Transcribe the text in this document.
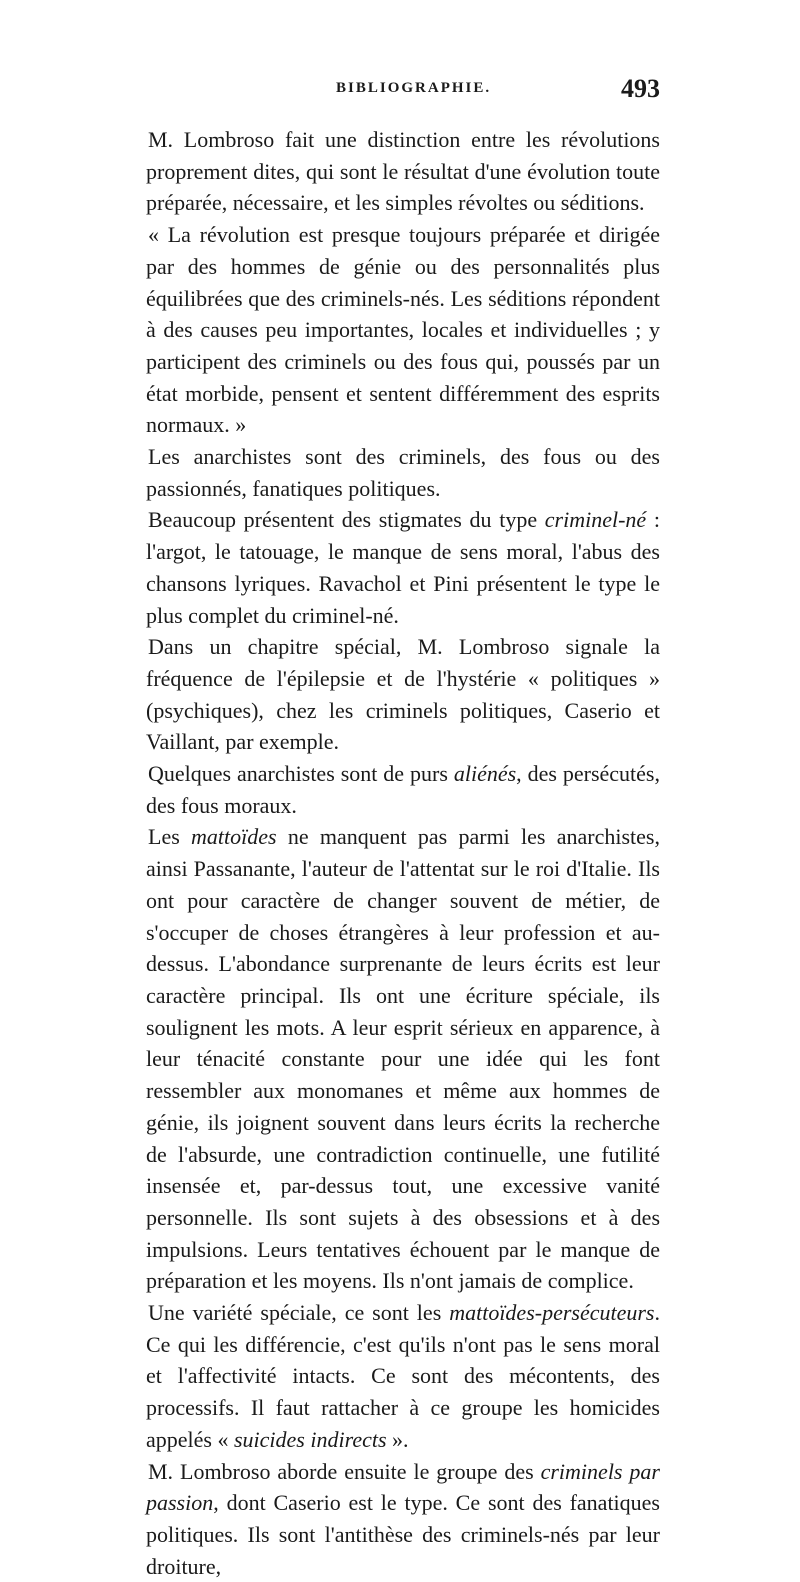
BIBLIOGRAPHIE.	493

M. Lombroso fait une distinction entre les révolutions proprement dites, qui sont le résultat d'une évolution toute préparée, nécessaire, et les simples révoltes ou séditions.

« La révolution est presque toujours préparée et dirigée par des hommes de génie ou des personnalités plus équilibrées que des criminels-nés. Les séditions répondent à des causes peu importantes, locales et individuelles ; y participent des criminels ou des fous qui, poussés par un état morbide, pensent et sentent différemment des esprits normaux. »

Les anarchistes sont des criminels, des fous ou des passionnés, fanatiques politiques.

Beaucoup présentent des stigmates du type criminel-né : l'argot, le tatouage, le manque de sens moral, l'abus des chansons lyriques. Ravachol et Pini présentent le type le plus complet du criminel-né.

Dans un chapitre spécial, M. Lombroso signale la fréquence de l'épilepsie et de l'hystérie « politiques » (psychiques), chez les criminels politiques, Caserio et Vaillant, par exemple.

Quelques anarchistes sont de purs aliénés, des persécutés, des fous moraux.

Les mattoïdes ne manquent pas parmi les anarchistes, ainsi Passanante, l'auteur de l'attentat sur le roi d'Italie. Ils ont pour caractère de changer souvent de métier, de s'occuper de choses étrangères à leur profession et au-dessus. L'abondance surprenante de leurs écrits est leur caractère principal. Ils ont une écriture spéciale, ils soulignent les mots. A leur esprit sérieux en apparence, à leur ténacité constante pour une idée qui les font ressembler aux monomanes et même aux hommes de génie, ils joignent souvent dans leurs écrits la recherche de l'absurde, une contradiction continuelle, une futilité insensée et, par-dessus tout, une excessive vanité personnelle. Ils sont sujets à des obsessions et à des impulsions. Leurs tentatives échouent par le manque de préparation et les moyens. Ils n'ont jamais de complice.

Une variété spéciale, ce sont les mattoïdes-persécuteurs. Ce qui les différencie, c'est qu'ils n'ont pas le sens moral et l'affectivité intacts. Ce sont des mécontents, des processifs. Il faut rattacher à ce groupe les homicides appelés « suicides indirects ».

M. Lombroso aborde ensuite le groupe des criminels par passion, dont Caserio est le type. Ce sont des fanatiques politiques. Ils sont l'antithèse des criminels-nés par leur droiture,
